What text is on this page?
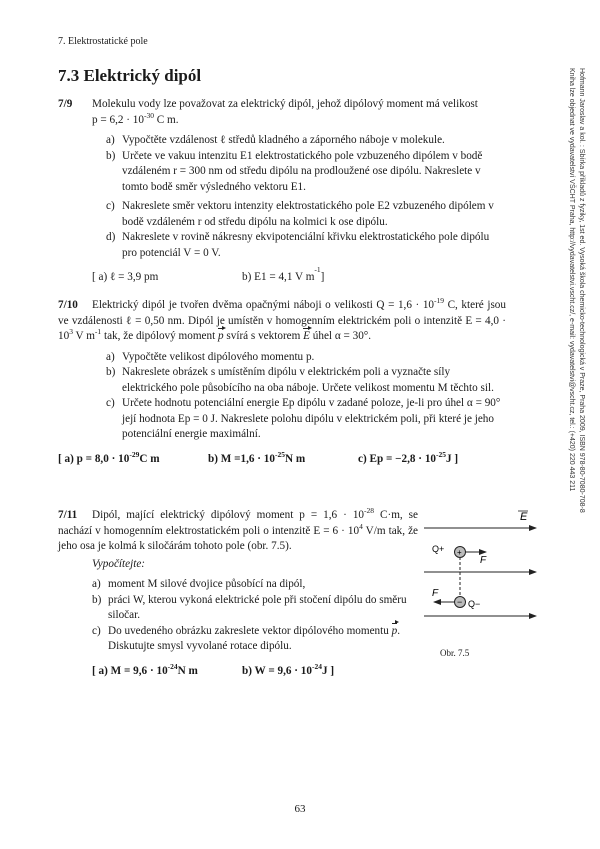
7. Elektrostatické pole
Hofmann Jaroslav a kol. : Sbírka příkladů z fyziky, 1st ed. Vysoká škola chemicko-technologická v Praze, Praha 2009, ISBN 978-80-7080-708-8
Kniha lze objednat ve vydavatelství VŠCHT Praha, http://vydavatelstvi.vscht.cz/, e-mail: vydavatelstvi@vscht.cz, tel.: (+420) 220 443 211
7.3 Elektrický dipól
7/9 Molekulu vody lze považovat za elektrický dipól, jehož dipólový moment má velikost
$p = 6,2 \cdot 10^{-30}$ C m.
a) Vypočtěte vzdálenost ℓ středů kladného a záporného náboje v molekule.
b) Určete ve vakuu intenzitu E1 elektrostatického pole vzbuzeného dipólem v bodě vzdáleném r = 300 nm od středu dipólu na prodloužené ose dipólu. Nakreslete v tomto bodě směr výsledného vektoru E1.
c) Nakreslete směr vektoru intenzity elektrostatického pole E2 vzbuzeného dipólem v bodě vzdáleném r od středu dipólu na kolmici k ose dipólu.
d) Nakreslete v rovině nákresny ekvipotenciální křivku elektrostatického pole dipólu pro potenciál V = 0 V.
[ a) ℓ = 3,9 pm	b) E1 = 4,1 V m
-1
]
7/10 Elektrický dipól je tvořen dvěma opačnými náboji o velikosti $Q = 1,6 \cdot 10^{-19}$ C, které jsou ve vzdálenosti ℓ = 0,50 nm. Dipól je umístěn v homogenním elektrickém poli o intenzitě $E = 4,0 \cdot 10^3$ V $m^{-1}$ tak, že dipólový moment p svírá s vektorem E úhel α = 30°.
a) Vypočtěte velikost dipólového momentu p.
b) Nakreslete obrázek s umístěním dipólu v elektrickém poli a vyznačte síly elektrického pole působícího na oba náboje. Určete velikost momentu M těchto sil.
c) Určete hodnotu potenciální energie Ep dipólu v zadané poloze, je-li pro úhel α = 90° její hodnota Ep = 0 J. Nakreslete polohu dipólu v elektrickém poli, při které je jeho potenciální energie maximální.
[ a) $p = 8,0 \cdot 10^{-29}C$ m	b) $M =1,6 \cdot 10^{-25}N$ m	c) $Ep = -2,8 \cdot 10^{-25}J$ ]
7/11 Dipól, mající elektrický dipólový moment $p = 1,6 \cdot 10^{-28}$ C·m, se nachází v homogenním elektrostatickém poli o intenzitě $E = 6 \cdot 10^4$ V/m tak, že jeho osa je kolmá k siločárám tohoto pole (obr. 7.5).
Vypočítejte:
a) moment M silové dvojice působící na dipól,
b) práci W, kterou vykoná elektrické pole při stočení dipólu do směru siločar.
c) Do uvedeného obrázku zakreslete vektor dipólového momentu p. Diskutujte smysl vyvolané rotace dipólu.
[ a) $M = 9,6 \cdot 10^{-24}N$ m	b) $W = 9,6 \cdot 10^{-24}J$ ]
E
+
−
Q+
Q−
F
F
Obr. 7.5
63
